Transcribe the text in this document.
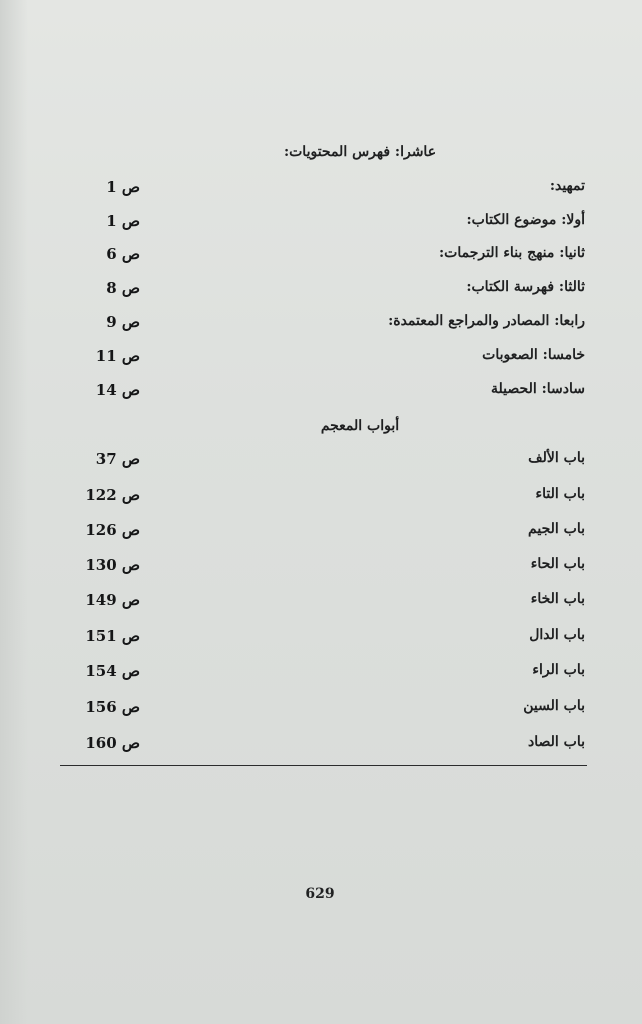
عاشرا: فهرس المحتويات:
تمهيد:
ص 1
أولا: موضوع الكتاب:
ص 1
ثانيا: منهج بناء الترجمات:
ص 6
ثالثا: فهرسة الكتاب:
ص 8
رابعا: المصادر والمراجع المعتمدة:
ص 9
خامسا: الصعوبات
ص 11
سادسا: الحصيلة
ص 14
أبواب المعجم
باب الألف
ص 37
باب التاء
ص 122
باب الجيم
ص 126
باب الحاء
ص 130
باب الخاء
ص 149
باب الدال
ص 151
باب الراء
ص 154
باب السين
ص 156
باب الصاد
ص 160
629
